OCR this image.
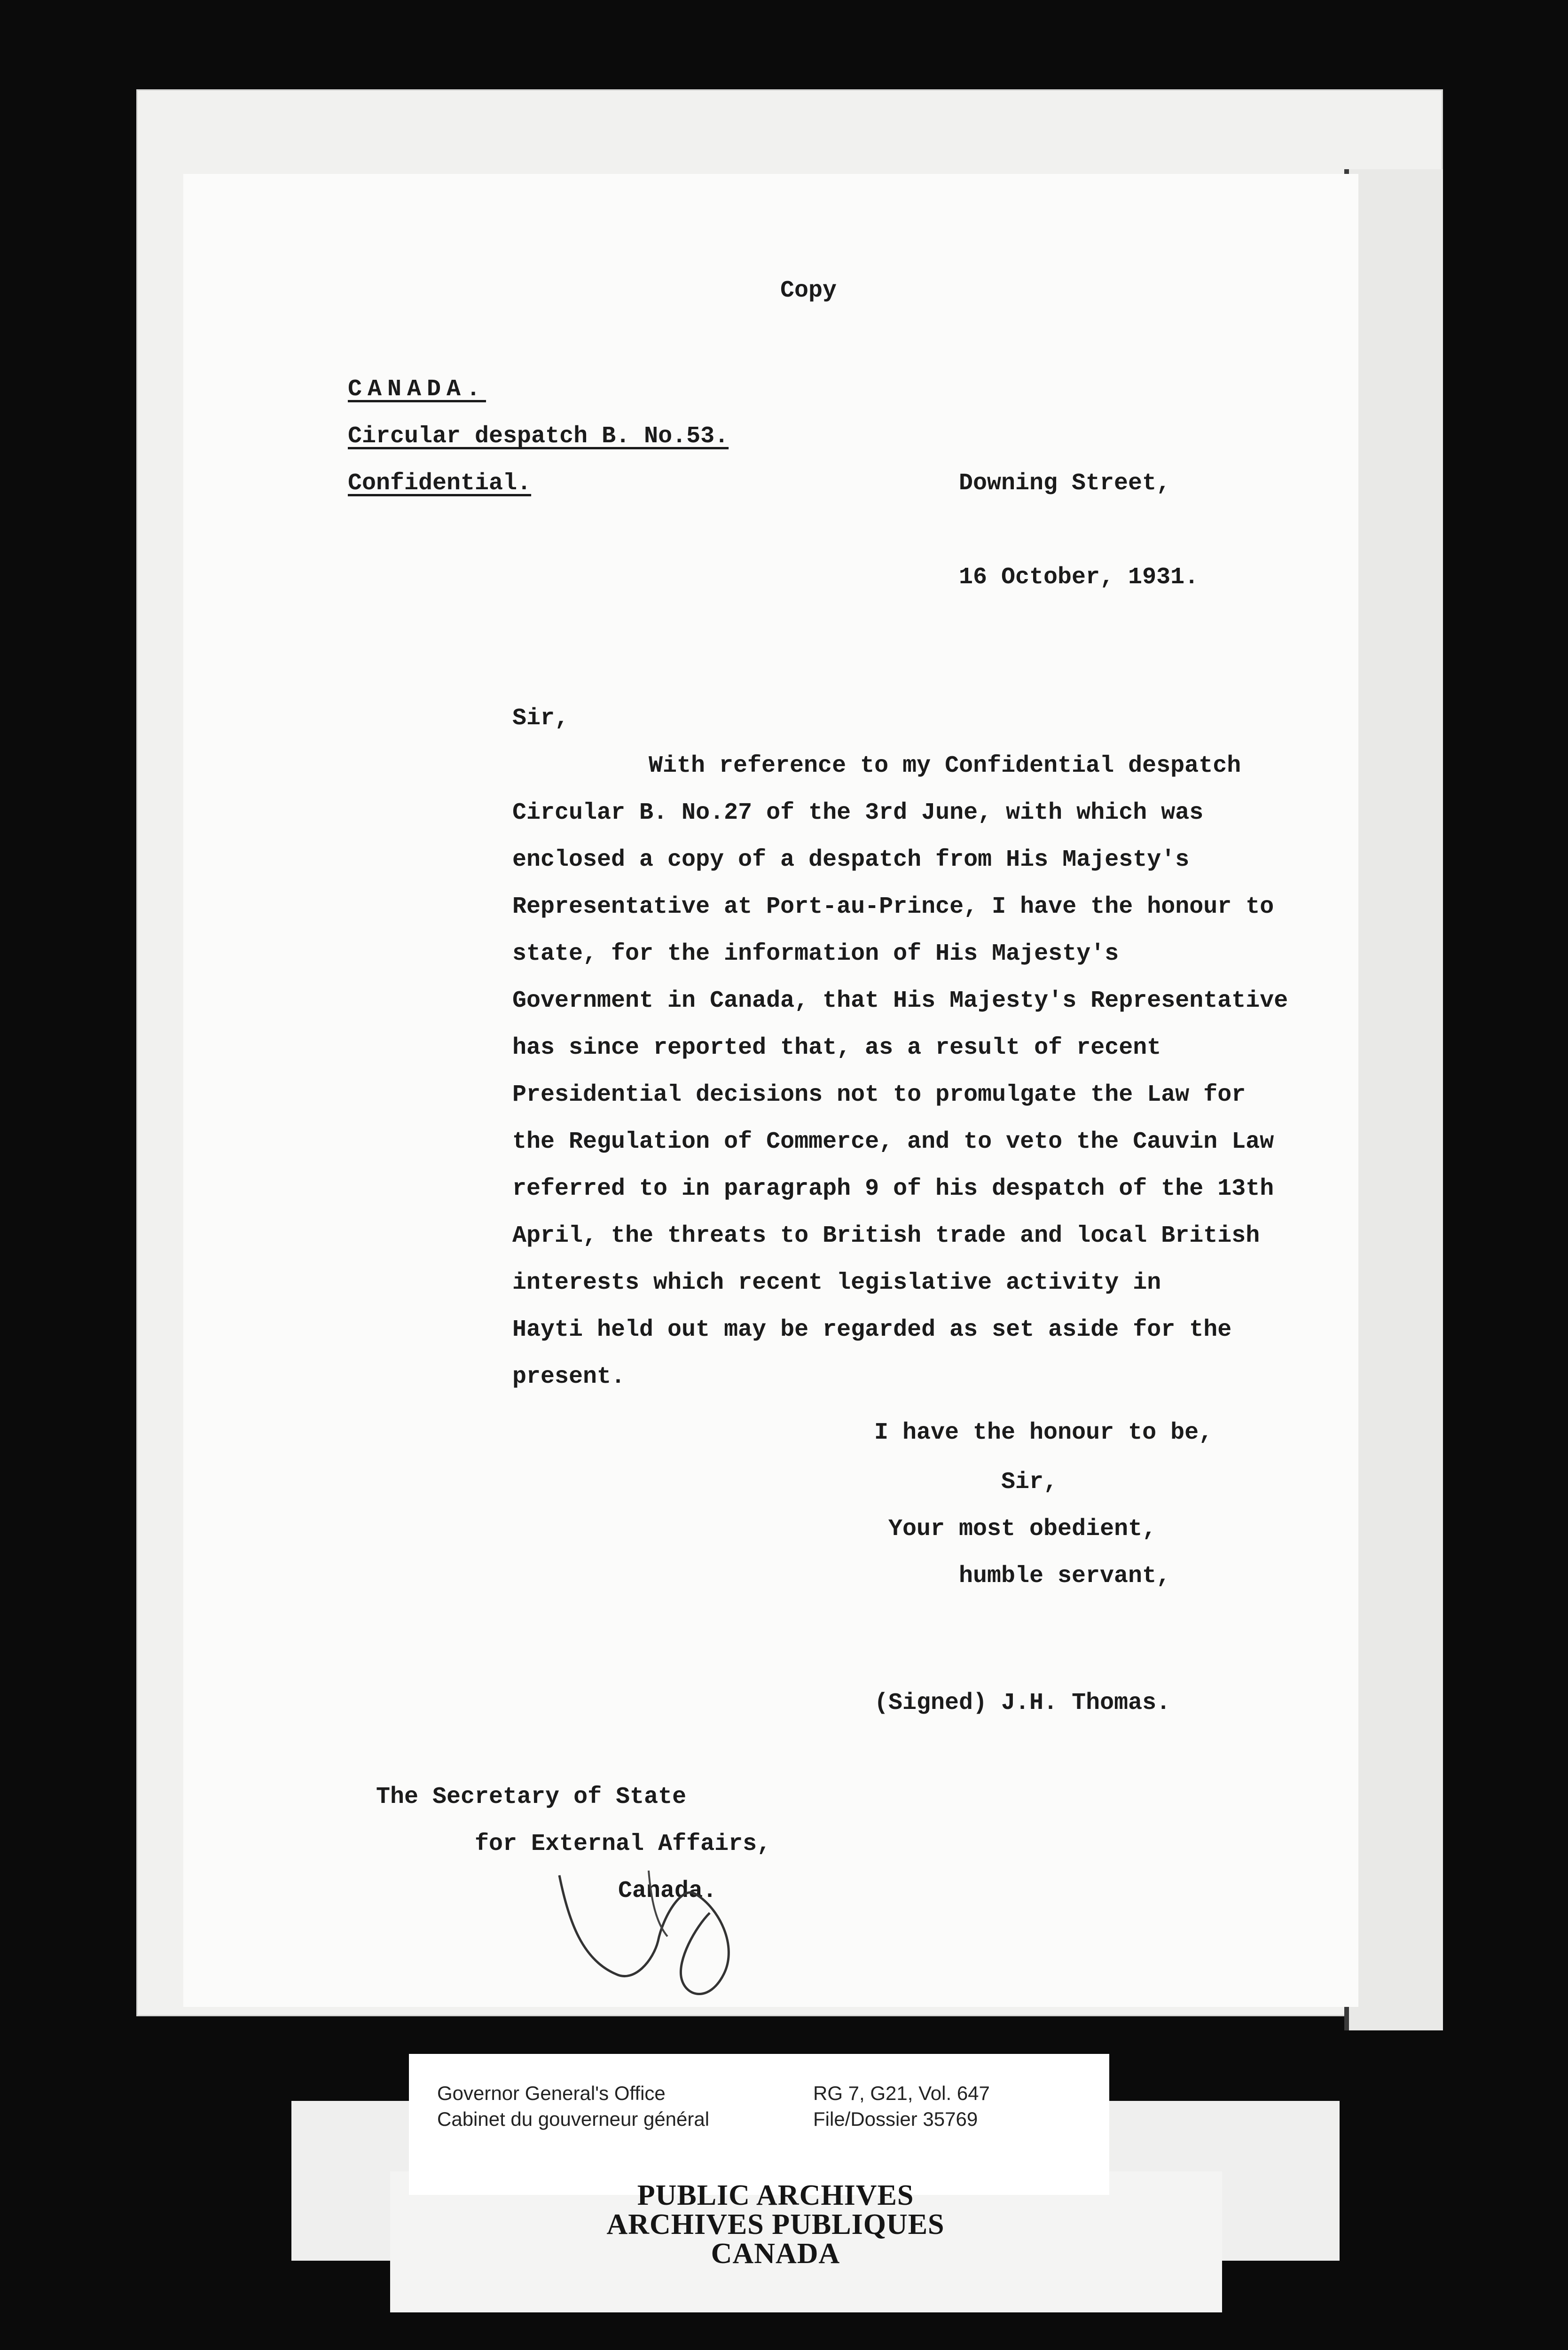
Copy
CANADA.
Circular despatch B. No.53.
Confidential.	Downing Street,
16 October, 1931.
Sir,
With reference to my Confidential despatch
Circular B. No.27 of the 3rd June, with which was
enclosed a copy of a despatch from His Majesty's
Representative at Port-au-Prince, I have the honour to
state, for the information of His Majesty's
Government in Canada, that His Majesty's Representative
has since reported that, as a result of recent
Presidential decisions not to promulgate the Law for
the Regulation of Commerce, and to veto the Cauvin Law
referred to in paragraph 9 of his despatch of the 13th
April, the threats to British trade and local British
interests which recent legislative activity in
Hayti held out may be regarded as set aside for the
present.
I have the honour to be,
Sir,
Your most obedient,
humble servant,
(Signed) J.H. Thomas.
The Secretary of State
for External Affairs,
Canada.
Governor General's Office
Cabinet du gouverneur général
RG 7, G21, Vol. 647
File/Dossier 35769
PUBLIC ARCHIVES
ARCHIVES PUBLIQUES
CANADA
